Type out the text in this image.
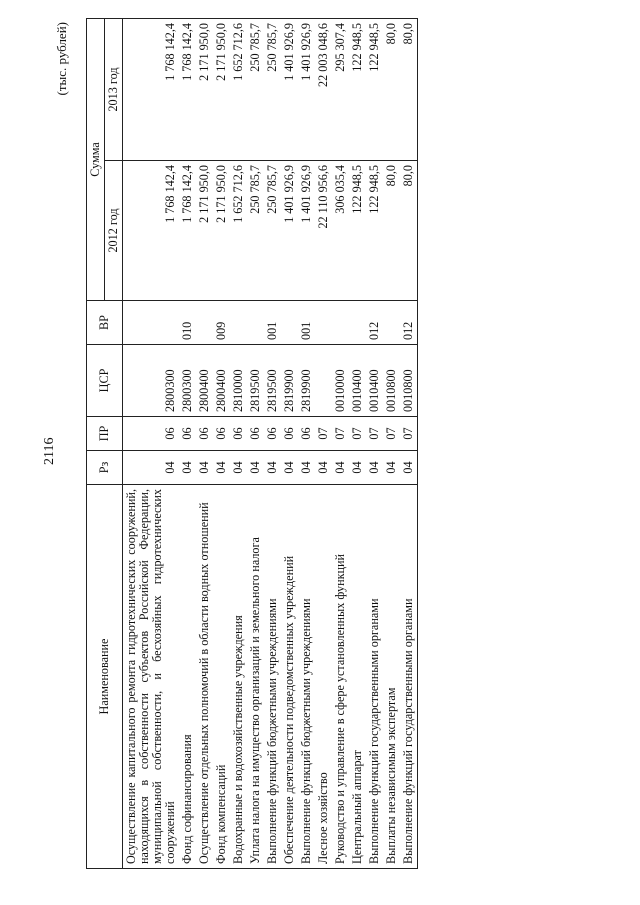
2116
(тыс. рублей)
Наименование	Рз	ПР	ЦСР	ВР	Сумма	
					2012 год	2013 год
Осуществление капитального ремонта гидротехнических сооружений, находящихся в собственности субъектов Российской Федерации, муниципальной собственности, и бесхозяйных гидротехнических сооружений	04	06	2800300		1 768 142,4	1 768 142,4
Фонд софинансирования	04	06	2800300	010	1 768 142,4	1 768 142,4
Осуществление отдельных полномочий в области водных отношений	04	06	2800400		2 171 950,0	2 171 950,0
Фонд компенсаций	04	06	2800400	009	2 171 950,0	2 171 950,0
Водохранные и водохозяйственные учреждения	04	06	2810000		1 652 712,6	1 652 712,6
Уплата налога на имущество организаций и земельного налога	04	06	2819500		250 785,7	250 785,7
Выполнение функций бюджетными учреждениями	04	06	2819500	001	250 785,7	250 785,7
Обеспечение деятельности подведомственных учреждений	04	06	2819900		1 401 926,9	1 401 926,9
Выполнение функций бюджетными учреждениями	04	06	2819900	001	1 401 926,9	1 401 926,9
Лесное хозяйство	04	07			22 110 956,6	22 003 048,6
Руководство и управление в сфере установленных функций	04	07	0010000		306 035,4	295 307,4
Центральный аппарат	04	07	0010400		122 948,5	122 948,5
Выполнение функций государственными органами	04	07	0010400	012	122 948,5	122 948,5
Выплаты независимым экспертам	04	07	0010800		80,0	80,0
Выполнение функций государственными органами	04	07	0010800	012	80,0	80,0
